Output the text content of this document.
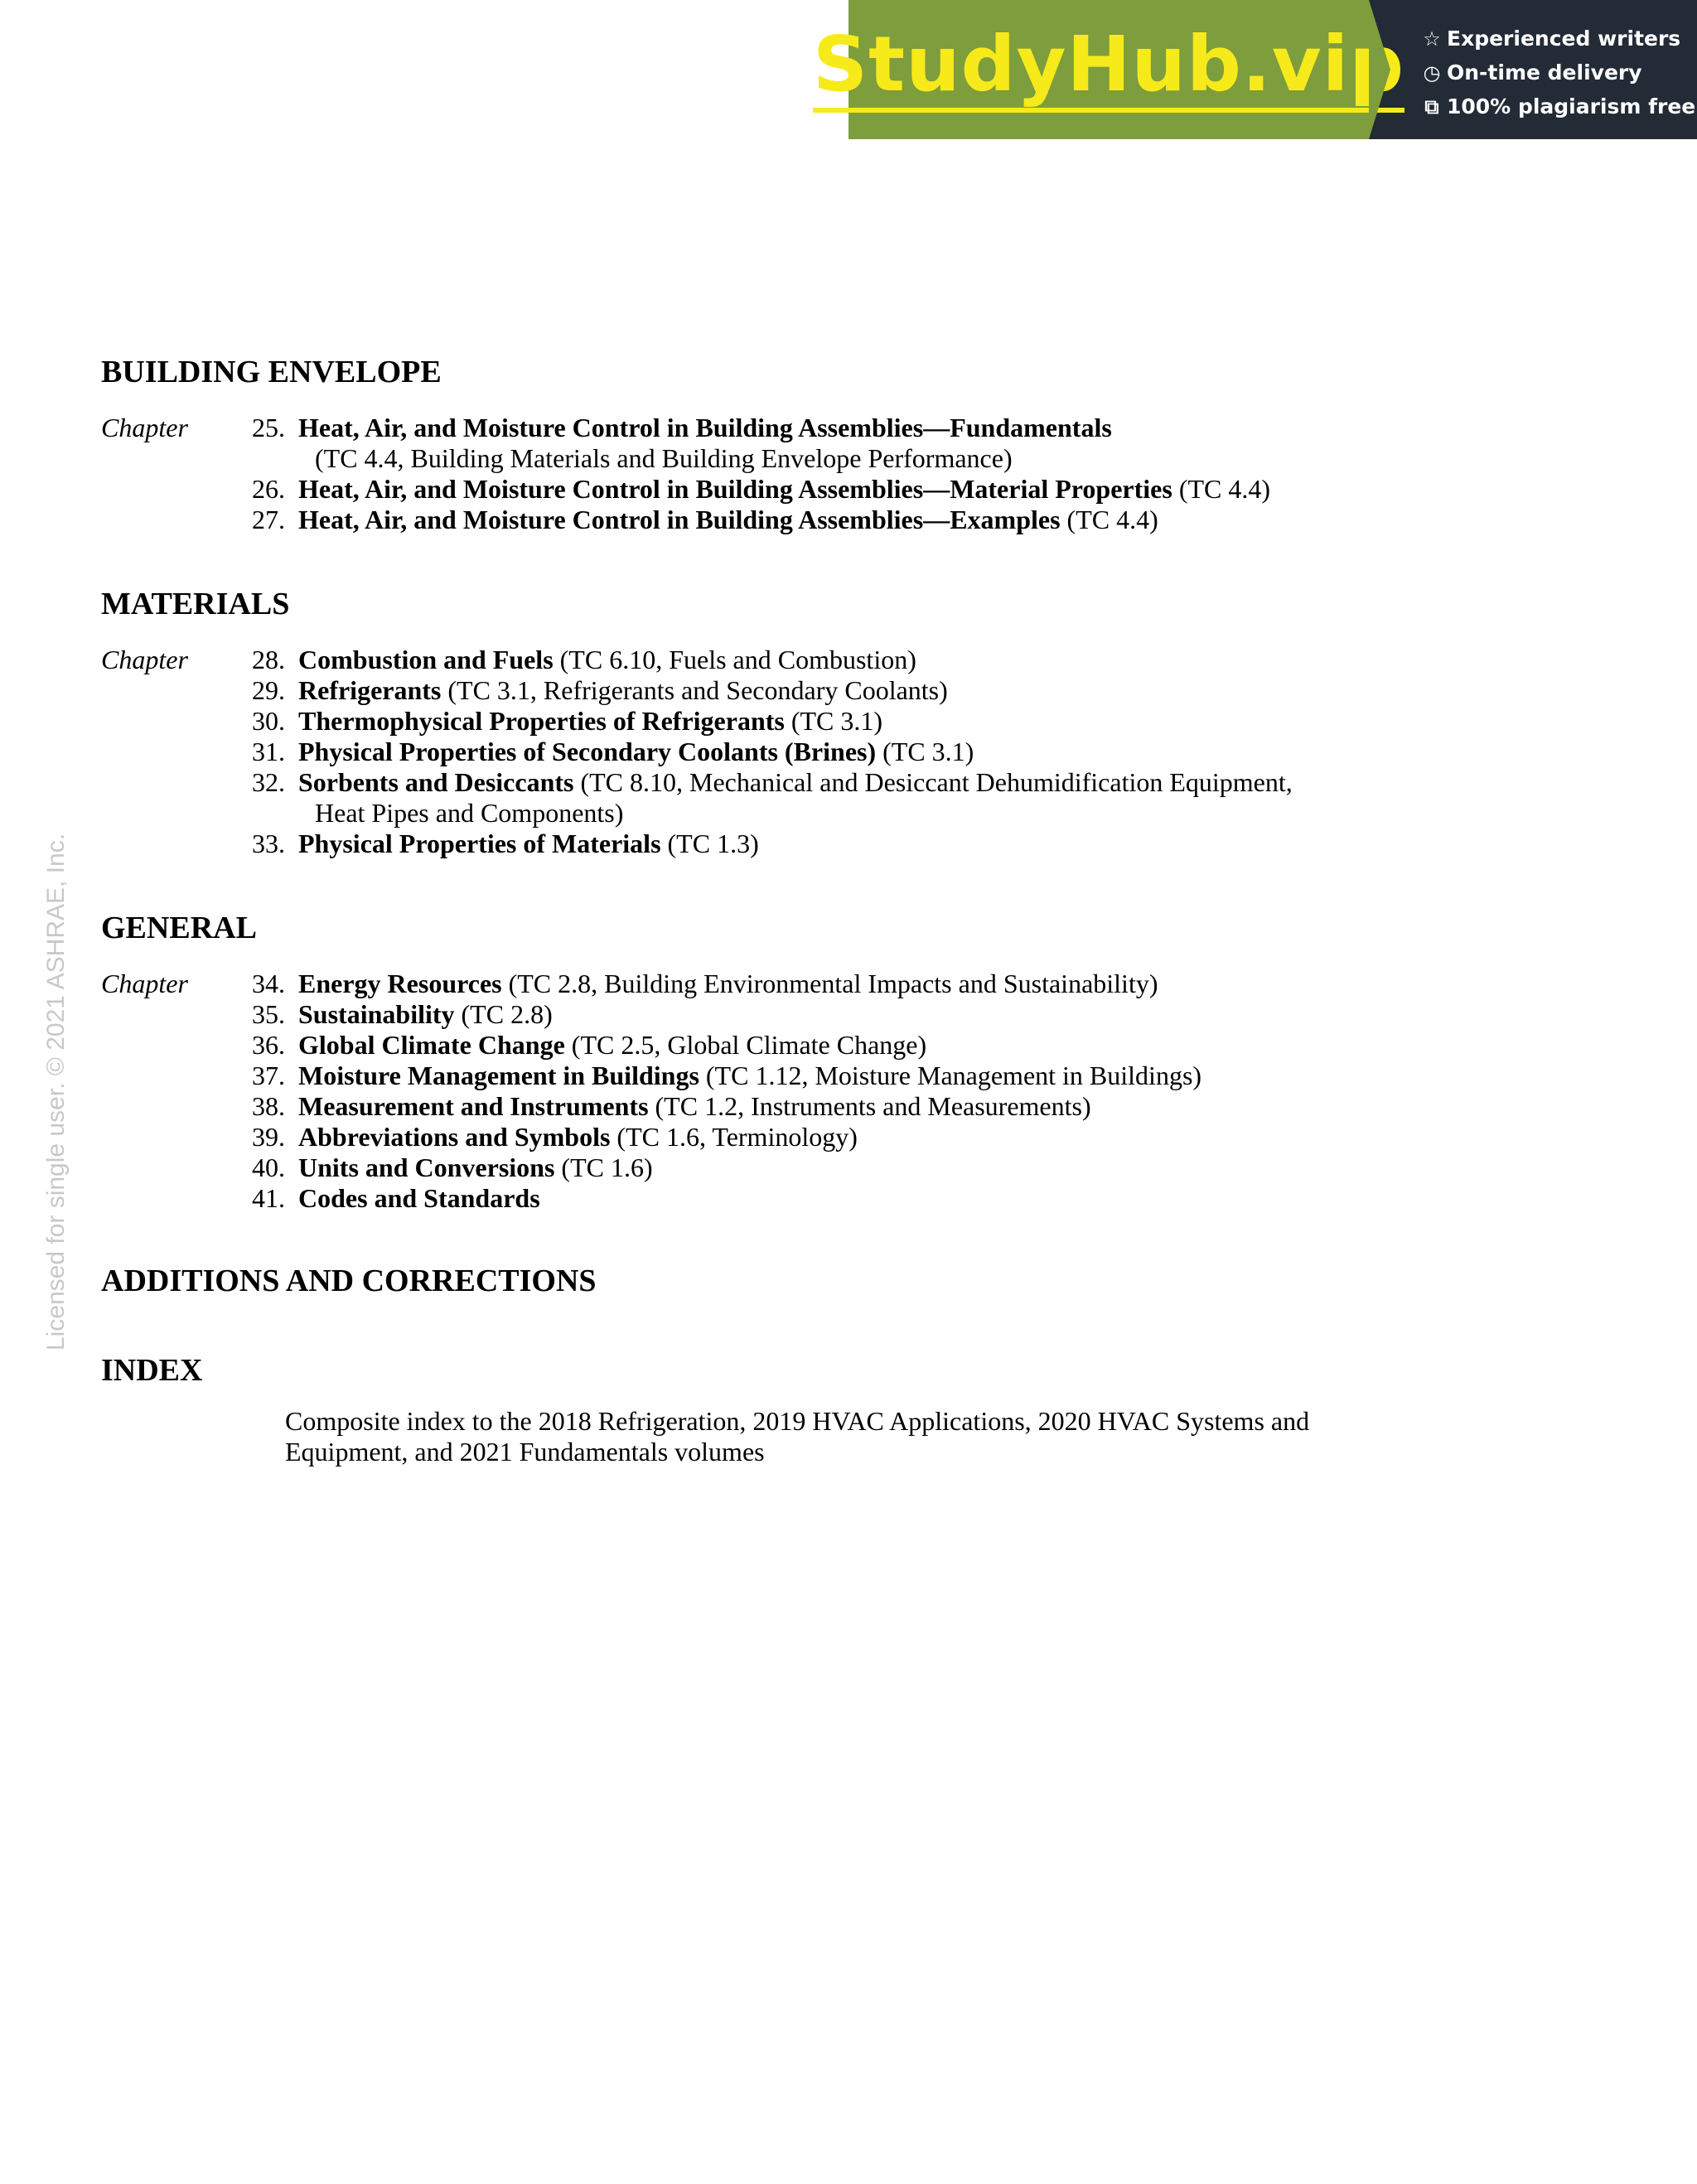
StudyHub.vip ☆ Experienced writers
◷ On-time delivery
⧉ 100% plagiarism free
Licensed for single user. © 2021 ASHRAE, Inc.
BUILDING ENVELOPE
Chapter	25. Heat, Air, and Moisture Control in Building Assemblies—Fundamentals
(TC 4.4, Building Materials and Building Envelope Performance)
26. Heat, Air, and Moisture Control in Building Assemblies—Material Properties (TC 4.4)
27. Heat, Air, and Moisture Control in Building Assemblies—Examples (TC 4.4)
MATERIALS
Chapter	28. Combustion and Fuels (TC 6.10, Fuels and Combustion)
29. Refrigerants (TC 3.1, Refrigerants and Secondary Coolants)
30. Thermophysical Properties of Refrigerants (TC 3.1)
31. Physical Properties of Secondary Coolants (Brines) (TC 3.1)
32. Sorbents and Desiccants (TC 8.10, Mechanical and Desiccant Dehumidification Equipment,
Heat Pipes and Components)
33. Physical Properties of Materials (TC 1.3)
GENERAL
Chapter	34. Energy Resources (TC 2.8, Building Environmental Impacts and Sustainability)
35. Sustainability (TC 2.8)
36. Global Climate Change (TC 2.5, Global Climate Change)
37. Moisture Management in Buildings (TC 1.12, Moisture Management in Buildings)
38. Measurement and Instruments (TC 1.2, Instruments and Measurements)
39. Abbreviations and Symbols (TC 1.6, Terminology)
40. Units and Conversions (TC 1.6)
41. Codes and Standards
ADDITIONS AND CORRECTIONS
INDEX
Composite index to the 2018 Refrigeration, 2019 HVAC Applications, 2020 HVAC Systems and
Equipment, and 2021 Fundamentals volumes
